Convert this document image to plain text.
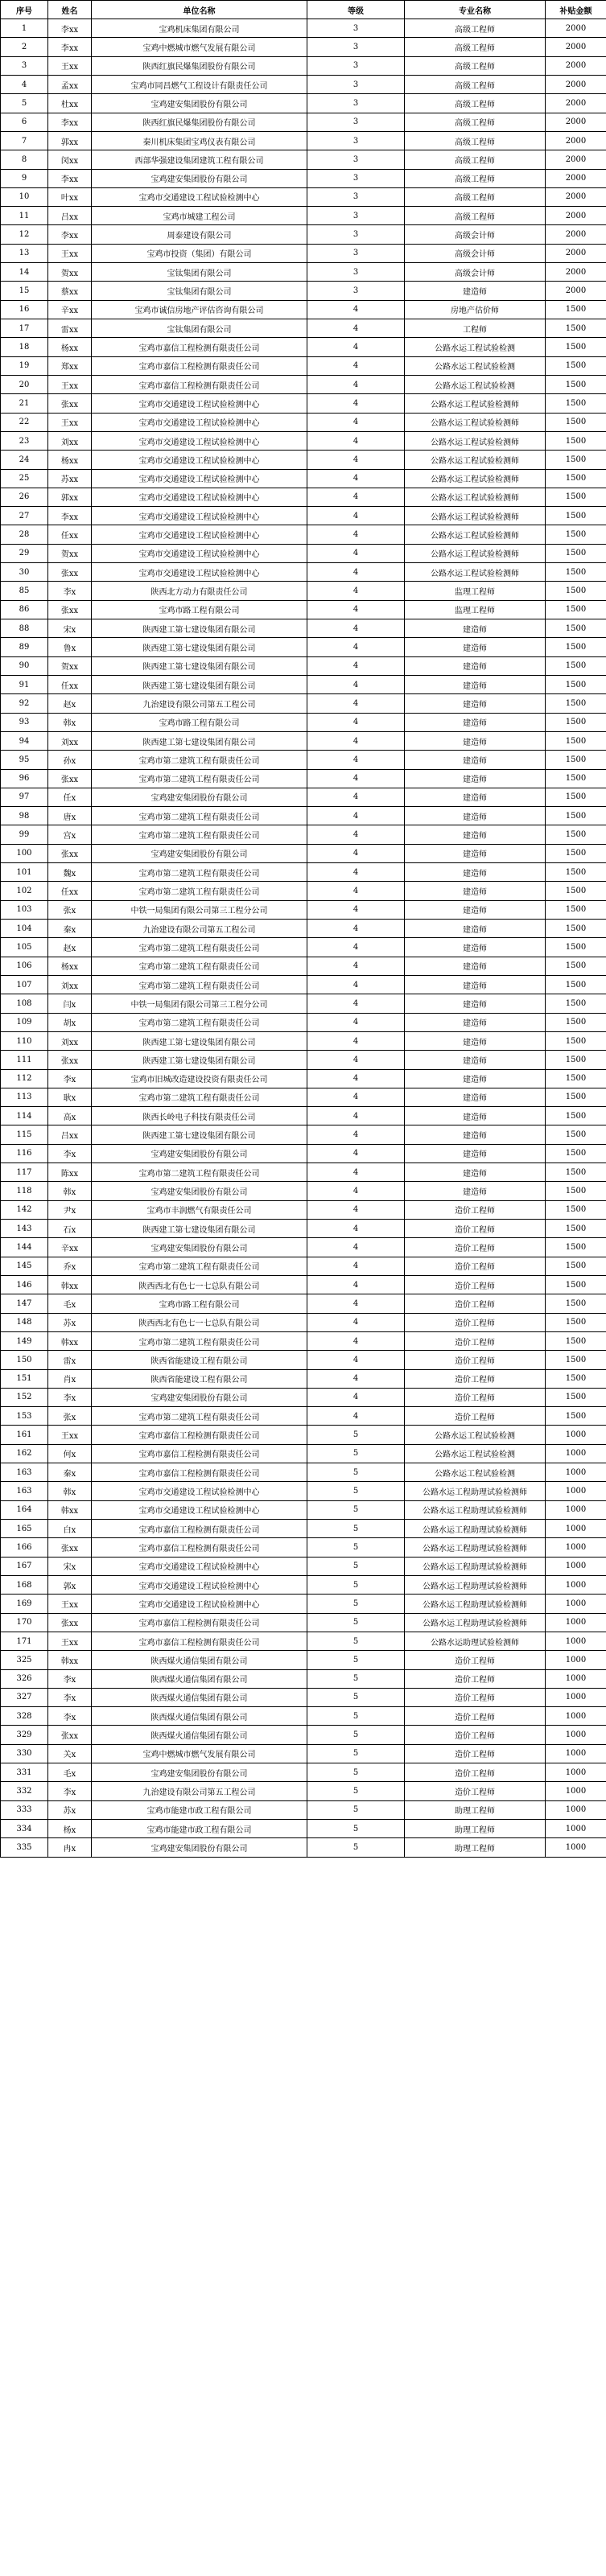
序号	姓名	单位名称	等级	专业名称	补贴金额
1	李xx	宝鸡机床集团有限公司	3	高级工程师	2000
2	李xx	宝鸡中燃城市燃气发展有限公司	3	高级工程师	2000
3	王xx	陕西红旗民爆集团股份有限公司	3	高级工程师	2000
4	孟xx	宝鸡市同昌燃气工程设计有限责任公司	3	高级工程师	2000
5	杜xx	宝鸡建安集团股份有限公司	3	高级工程师	2000
6	李xx	陕西红旗民爆集团股份有限公司	3	高级工程师	2000
7	郭xx	秦川机床集团宝鸡仪表有限公司	3	高级工程师	2000
8	闵xx	西部华强建设集团建筑工程有限公司	3	高级工程师	2000
9	李xx	宝鸡建安集团股份有限公司	3	高级工程师	2000
10	叶xx	宝鸡市交通建设工程试验检测中心	3	高级工程师	2000
11	吕xx	宝鸡市城建工程公司	3	高级工程师	2000
12	李xx	周泰建设有限公司	3	高级会计师	2000
13	王xx	宝鸡市投资（集团）有限公司	3	高级会计师	2000
14	贺xx	宝钛集团有限公司	3	高级会计师	2000
15	蔡xx	宝钛集团有限公司	3	建造师	2000
16	辛xx	宝鸡市诚信房地产评估咨询有限公司	4	房地产估价师	1500
17	雷xx	宝钛集团有限公司	4	工程师	1500
18	杨xx	宝鸡市嘉信工程检测有限责任公司	4	公路水运工程试验检测	1500
19	郑xx	宝鸡市嘉信工程检测有限责任公司	4	公路水运工程试验检测	1500
20	王xx	宝鸡市嘉信工程检测有限责任公司	4	公路水运工程试验检测	1500
21	张xx	宝鸡市交通建设工程试验检测中心	4	公路水运工程试验检测师	1500
22	王xx	宝鸡市交通建设工程试验检测中心	4	公路水运工程试验检测师	1500
23	刘xx	宝鸡市交通建设工程试验检测中心	4	公路水运工程试验检测师	1500
24	杨xx	宝鸡市交通建设工程试验检测中心	4	公路水运工程试验检测师	1500
25	苏xx	宝鸡市交通建设工程试验检测中心	4	公路水运工程试验检测师	1500
26	郭xx	宝鸡市交通建设工程试验检测中心	4	公路水运工程试验检测师	1500
27	李xx	宝鸡市交通建设工程试验检测中心	4	公路水运工程试验检测师	1500
28	任xx	宝鸡市交通建设工程试验检测中心	4	公路水运工程试验检测师	1500
29	贺xx	宝鸡市交通建设工程试验检测中心	4	公路水运工程试验检测师	1500
30	张xx	宝鸡市交通建设工程试验检测中心	4	公路水运工程试验检测师	1500
85	李x	陕西北方动力有限责任公司	4	监理工程师	1500
86	张xx	宝鸡市路工程有限公司	4	监理工程师	1500
88	宋x	陕西建工第七建设集团有限公司	4	建造师	1500
89	鲁x	陕西建工第七建设集团有限公司	4	建造师	1500
90	贺xx	陕西建工第七建设集团有限公司	4	建造师	1500
91	任xx	陕西建工第七建设集团有限公司	4	建造师	1500
92	赵x	九治建设有限公司第五工程公司	4	建造师	1500
93	韩x	宝鸡市路工程有限公司	4	建造师	1500
94	刘xx	陕西建工第七建设集团有限公司	4	建造师	1500
95	孙x	宝鸡市第二建筑工程有限责任公司	4	建造师	1500
96	张xx	宝鸡市第二建筑工程有限责任公司	4	建造师	1500
97	任x	宝鸡建安集团股份有限公司	4	建造师	1500
98	唐x	宝鸡市第二建筑工程有限责任公司	4	建造师	1500
99	宫x	宝鸡市第二建筑工程有限责任公司	4	建造师	1500
100	张xx	宝鸡建安集团股份有限公司	4	建造师	1500
101	魏x	宝鸡市第二建筑工程有限责任公司	4	建造师	1500
102	任xx	宝鸡市第二建筑工程有限责任公司	4	建造师	1500
103	张x	中铁一局集团有限公司第三工程分公司	4	建造师	1500
104	秦x	九治建设有限公司第五工程公司	4	建造师	1500
105	赵x	宝鸡市第二建筑工程有限责任公司	4	建造师	1500
106	杨xx	宝鸡市第二建筑工程有限责任公司	4	建造师	1500
107	刘xx	宝鸡市第二建筑工程有限责任公司	4	建造师	1500
108	闫x	中铁一局集团有限公司第三工程分公司	4	建造师	1500
109	胡x	宝鸡市第二建筑工程有限责任公司	4	建造师	1500
110	刘xx	陕西建工第七建设集团有限公司	4	建造师	1500
111	张xx	陕西建工第七建设集团有限公司	4	建造师	1500
112	李x	宝鸡市旧城改造建设投资有限责任公司	4	建造师	1500
113	耿x	宝鸡市第二建筑工程有限责任公司	4	建造师	1500
114	高x	陕西长岭电子科技有限责任公司	4	建造师	1500
115	吕xx	陕西建工第七建设集团有限公司	4	建造师	1500
116	李x	宝鸡建安集团股份有限公司	4	建造师	1500
117	陈xx	宝鸡市第二建筑工程有限责任公司	4	建造师	1500
118	韩x	宝鸡建安集团股份有限公司	4	建造师	1500
142	尹x	宝鸡市丰润燃气有限责任公司	4	造价工程师	1500
143	石x	陕西建工第七建设集团有限公司	4	造价工程师	1500
144	辛xx	宝鸡建安集团股份有限公司	4	造价工程师	1500
145	乔x	宝鸡市第二建筑工程有限责任公司	4	造价工程师	1500
146	韩xx	陕西西北有色七一七总队有限公司	4	造价工程师	1500
147	毛x	宝鸡市路工程有限公司	4	造价工程师	1500
148	苏x	陕西西北有色七一七总队有限公司	4	造价工程师	1500
149	韩xx	宝鸡市第二建筑工程有限责任公司	4	造价工程师	1500
150	雷x	陕西省能建设工程有限公司	4	造价工程师	1500
151	肖x	陕西省能建设工程有限公司	4	造价工程师	1500
152	李x	宝鸡建安集团股份有限公司	4	造价工程师	1500
153	张x	宝鸡市第二建筑工程有限责任公司	4	造价工程师	1500
161	王xx	宝鸡市嘉信工程检测有限责任公司	5	公路水运工程试验检测	1000
162	何x	宝鸡市嘉信工程检测有限责任公司	5	公路水运工程试验检测	1000
163	秦x	宝鸡市嘉信工程检测有限责任公司	5	公路水运工程试验检测	1000
163	韩x	宝鸡市交通建设工程试验检测中心	5	公路水运工程助理试验检测师	1000
164	韩xx	宝鸡市交通建设工程试验检测中心	5	公路水运工程助理试验检测师	1000
165	白x	宝鸡市嘉信工程检测有限责任公司	5	公路水运工程助理试验检测师	1000
166	张xx	宝鸡市嘉信工程检测有限责任公司	5	公路水运工程助理试验检测师	1000
167	宋x	宝鸡市交通建设工程试验检测中心	5	公路水运工程助理试验检测师	1000
168	郭x	宝鸡市交通建设工程试验检测中心	5	公路水运工程助理试验检测师	1000
169	王xx	宝鸡市交通建设工程试验检测中心	5	公路水运工程助理试验检测师	1000
170	张xx	宝鸡市嘉信工程检测有限责任公司	5	公路水运工程助理试验检测师	1000
171	王xx	宝鸡市嘉信工程检测有限责任公司	5	公路水运助理试验检测师	1000
325	韩xx	陕西煤火通信集团有限公司	5	造价工程师	1000
326	李x	陕西煤火通信集团有限公司	5	造价工程师	1000
327	李x	陕西煤火通信集团有限公司	5	造价工程师	1000
328	李x	陕西煤火通信集团有限公司	5	造价工程师	1000
329	张xx	陕西煤火通信集团有限公司	5	造价工程师	1000
330	关x	宝鸡中燃城市燃气发展有限公司	5	造价工程师	1000
331	毛x	宝鸡建安集团股份有限公司	5	造价工程师	1000
332	李x	九治建设有限公司第五工程公司	5	造价工程师	1000
333	苏x	宝鸡市能建市政工程有限公司	5	助理工程师	1000
334	杨x	宝鸡市能建市政工程有限公司	5	助理工程师	1000
335	冉x	宝鸡建安集团股份有限公司	5	助理工程师	1000
